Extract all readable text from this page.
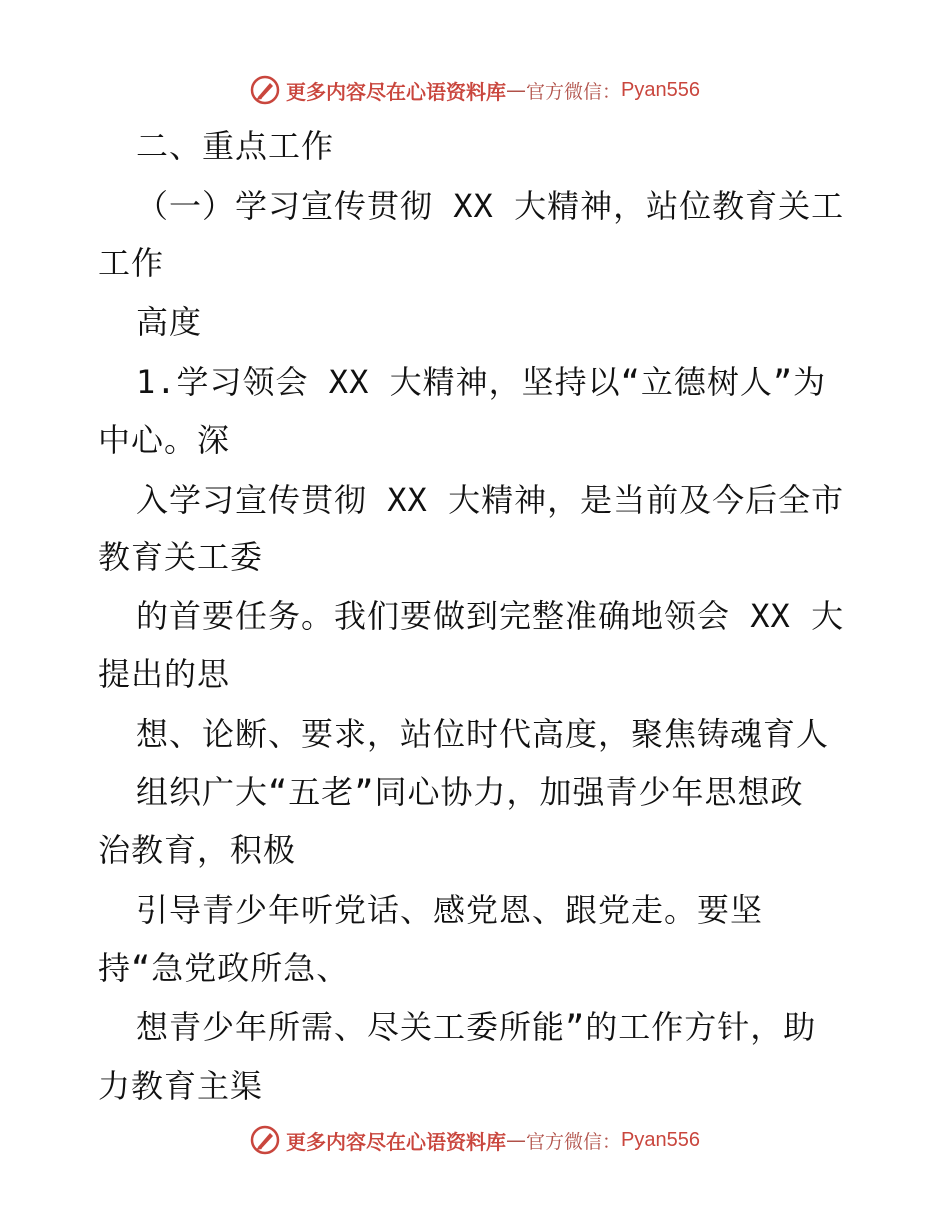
更多内容尽在心语资料库 — 官方微信： Pyan556
二、重点工作
（一）学习宣传贯彻 XX 大精神，站位教育关工
工作
高度
1.学习领会 XX 大精神，坚持以“立德树人”为
中心。深
入学习宣传贯彻 XX 大精神，是当前及今后全市
教育关工委
的首要任务。我们要做到完整准确地领会 XX 大
提出的思
想、论断、要求，站位时代高度，聚焦铸魂育人
组织广大“五老”同心协力，加强青少年思想政
治教育，积极
引导青少年听党话、感党恩、跟党走。要坚
持“急党政所急、
想青少年所需、尽关工委所能”的工作方针，助
力教育主渠
更多内容尽在心语资料库 — 官方微信： Pyan556
